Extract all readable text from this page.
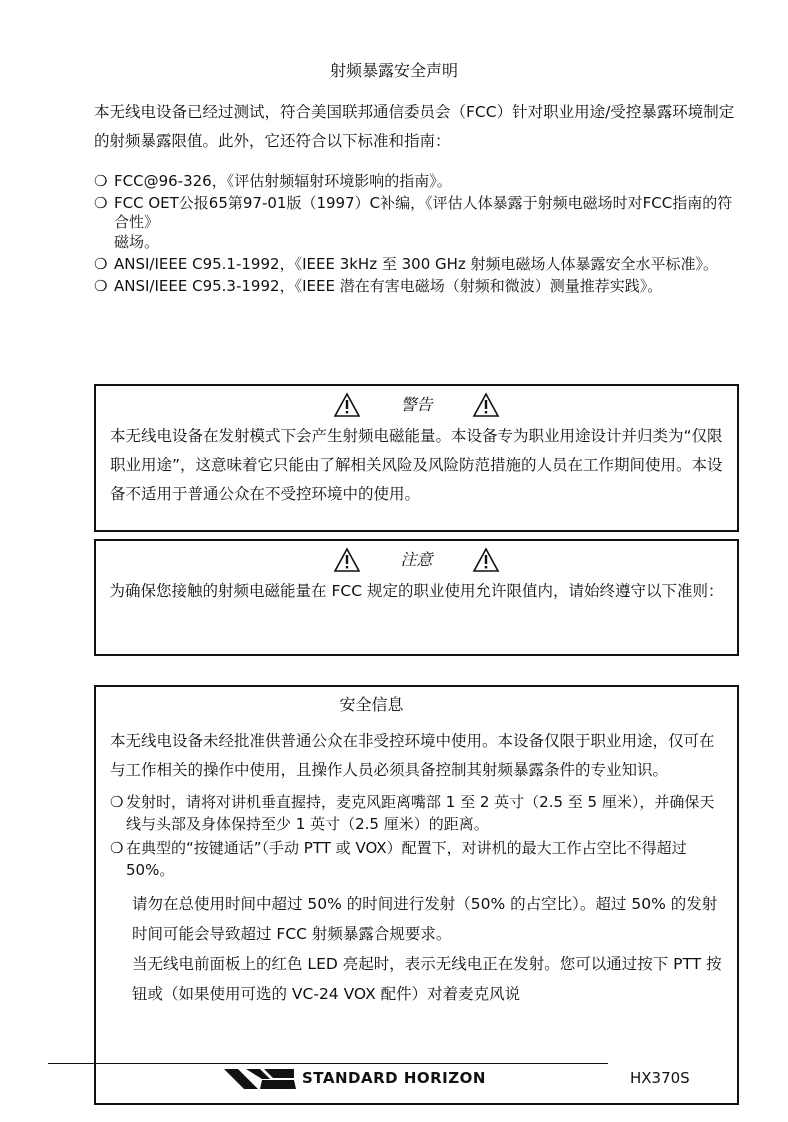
射频暴露安全声明
本无线电设备已经过测试，符合美国联邦通信委员会（FCC）针对职业用途/受控暴露环境制定的射频暴露限值。此外，它还符合以下标准和指南：
❍ FCC@96-326，《评估射频辐射环境影响的指南》。
❍ FCC OET公报65第97-01版（1997）C补编，《评估人体暴露于射频电磁场时对FCC指南的符合性》
磁场。
❍ ANSI/IEEE C95.1-1992，《IEEE 3kHz 至 300 GHz 射频电磁场人体暴露安全水平标准》。
❍ ANSI/IEEE C95.3-1992，《IEEE 潜在有害电磁场（射频和微波）测量推荐实践》。
警告
本无线电设备在发射模式下会产生射频电磁能量。本设备专为职业用途设计并归类为“仅限职业用途”，这意味着它只能由了解相关风险及风险防范措施的人员在工作期间使用。本设备不适用于普通公众在不受控环境中的使用。
注意
为确保您接触的射频电磁能量在 FCC 规定的职业使用允许限值内，请始终遵守以下准则：
安全信息
本无线电设备未经批准供普通公众在非受控环境中使用。本设备仅限于职业用途，仅可在与工作相关的操作中使用，且操作人员必须具备控制其射频暴露条件的专业知识。
❍ 发射时，请将对讲机垂直握持，麦克风距离嘴部 1 至 2 英寸（2.5 至 5 厘米），并确保天线与头部及身体保持至少 1 英寸（2.5 厘米）的距离。
❍ 在典型的“按键通话”（手动 PTT 或 VOX）配置下，对讲机的最大工作占空比不得超过 50%。
请勿在总使用时间中超过 50% 的时间进行发射（50% 的占空比）。超过 50% 的发射时间可能会导致超过 FCC 射频暴露合规要求。
当无线电前面板上的红色 LED 亮起时，表示无线电正在发射。您可以通过按下 PTT 按钮或（如果使用可选的 VC-24 VOX 配件）对着麦克风说
STANDARD HORIZON	HX370S
